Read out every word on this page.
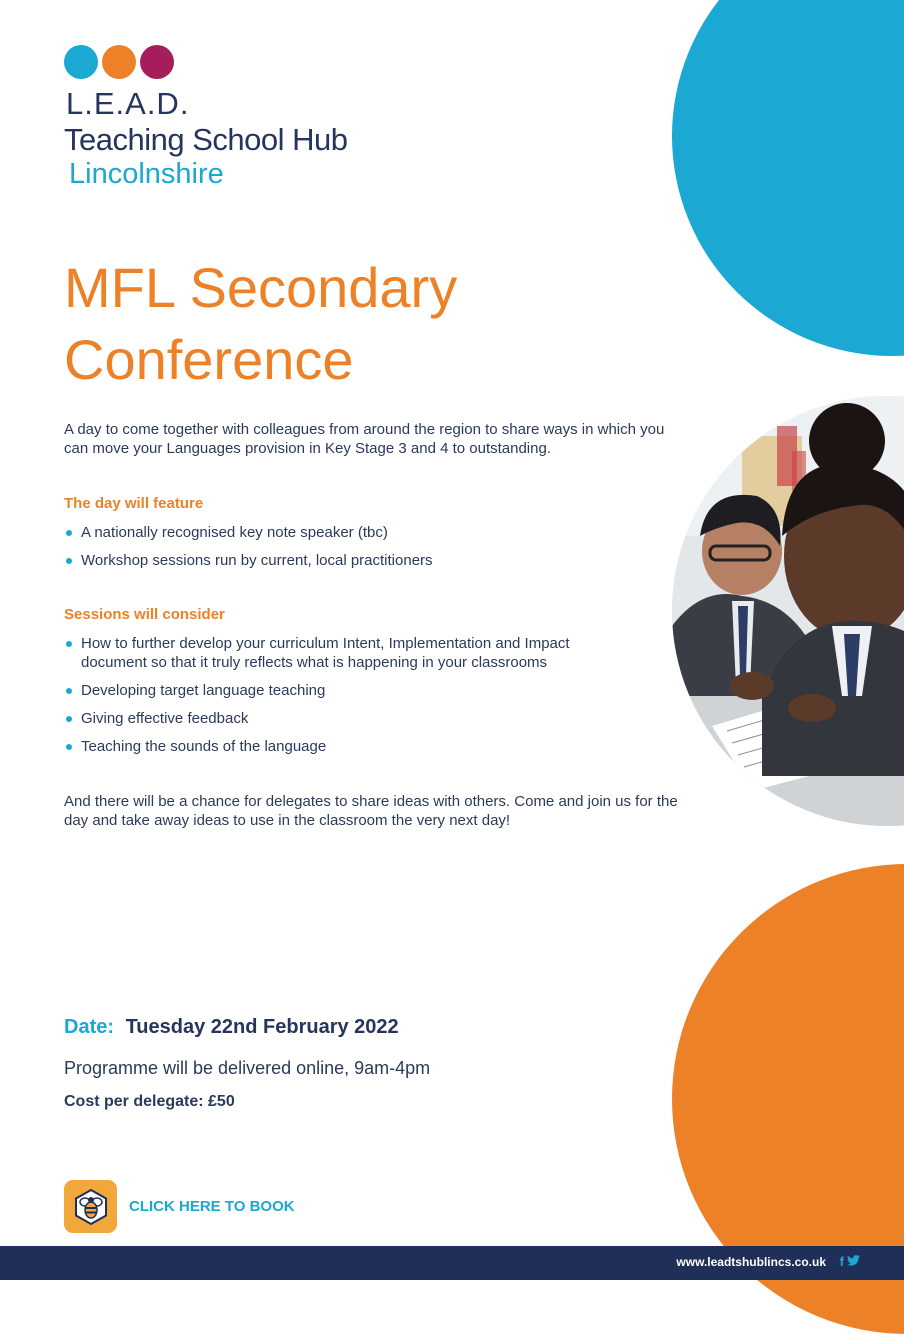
L.E.A.D.
Teaching School Hub
Lincolnshire
MFL Secondary
Conference
A day to come together with colleagues from around the region to share ways in which you can move your Languages provision in Key Stage 3 and 4 to outstanding.
The day will feature
A nationally recognised key note speaker (tbc)
Workshop sessions run by current, local practitioners
Sessions will consider
How to further develop your curriculum Intent, Implementation and Impact document so that it truly reflects what is happening in your classrooms
Developing target language teaching
Giving effective feedback
Teaching the sounds of the language
And there will be a chance for delegates to share ideas with others. Come and join us for the day and take away ideas to use in the classroom the very next day!
Date: Tuesday 22nd February 2022
Programme will be delivered online, 9am-4pm
Cost per delegate: £50
CLICK HERE TO BOOK
www.leadtshublincs.co.uk f
